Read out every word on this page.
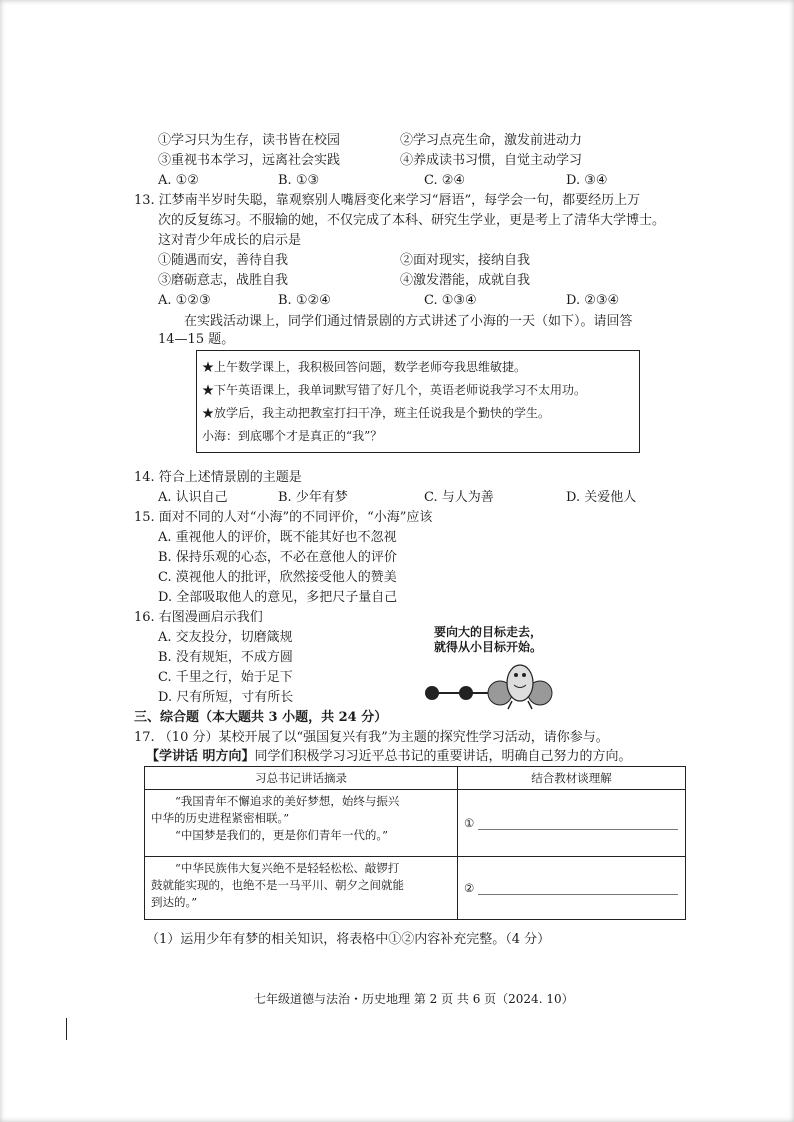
①学习只为生存，读书皆在校园	②学习点亮生命，激发前进动力
③重视书本学习，远离社会实践	④养成读书习惯，自觉主动学习
A. ①②	B. ①③	C. ②④	D. ③④
13. 江梦南半岁时失聪，靠观察别人嘴唇变化来学习“唇语”，每学会一句，都要经历上万
次的反复练习。不服输的她，不仅完成了本科、研究生学业，更是考上了清华大学博士。
这对青少年成长的启示是
①随遇而安，善待自我	②面对现实，接纳自我
③磨砺意志，战胜自我	④激发潜能，成就自我
A. ①②③	B. ①②④	C. ①③④	D. ②③④
在实践活动课上，同学们通过情景剧的方式讲述了小海的一天（如下）。请回答
14—15 题。
★上午数学课上，我积极回答问题，数学老师夸我思维敏捷。
★下午英语课上，我单词默写错了好几个，英语老师说我学习不太用功。
★放学后，我主动把教室打扫干净，班主任说我是个勤快的学生。
小海：到底哪个才是真正的“我”？
14. 符合上述情景剧的主题是
A. 认识自己	B. 少年有梦	C. 与人为善	D. 关爱他人
15. 面对不同的人对“小海”的不同评价，“小海”应该
A. 重视他人的评价，既不能其好也不忽视
B. 保持乐观的心态，不必在意他人的评价
C. 漠视他人的批评，欣然接受他人的赞美
D. 全部吸取他人的意见，多把尺子量自己
16. 右图漫画启示我们
A. 交友投分，切磨箴规
B. 没有规矩，不成方圆
C. 千里之行，始于足下
D. 尺有所短，寸有所长
要向大的目标走去，
就得从小目标开始。
三、综合题（本大题共 3 小题，共 24 分）
17. （10 分）某校开展了以“强国复兴有我”为主题的探究性学习活动，请你参与。
【学讲话 明方向】同学们积极学习习近平总书记的重要讲话，明确自己努力的方向。
习总书记讲话摘录	结合教材谈理解

“我国青年不懈追求的美好梦想，始终与振兴
中华的历史进程紧密相联。”
“中国梦是我们的，更是你们青年一代的。”	①

“中华民族伟大复兴绝不是轻轻松松、敲锣打
鼓就能实现的，也绝不是一马平川、朝夕之间就能
到达的。”	②
（1）运用少年有梦的相关知识，将表格中①②内容补充完整。（4 分）
七年级道德与法治・历史地理 第 2 页 共 6 页（2024. 10）
